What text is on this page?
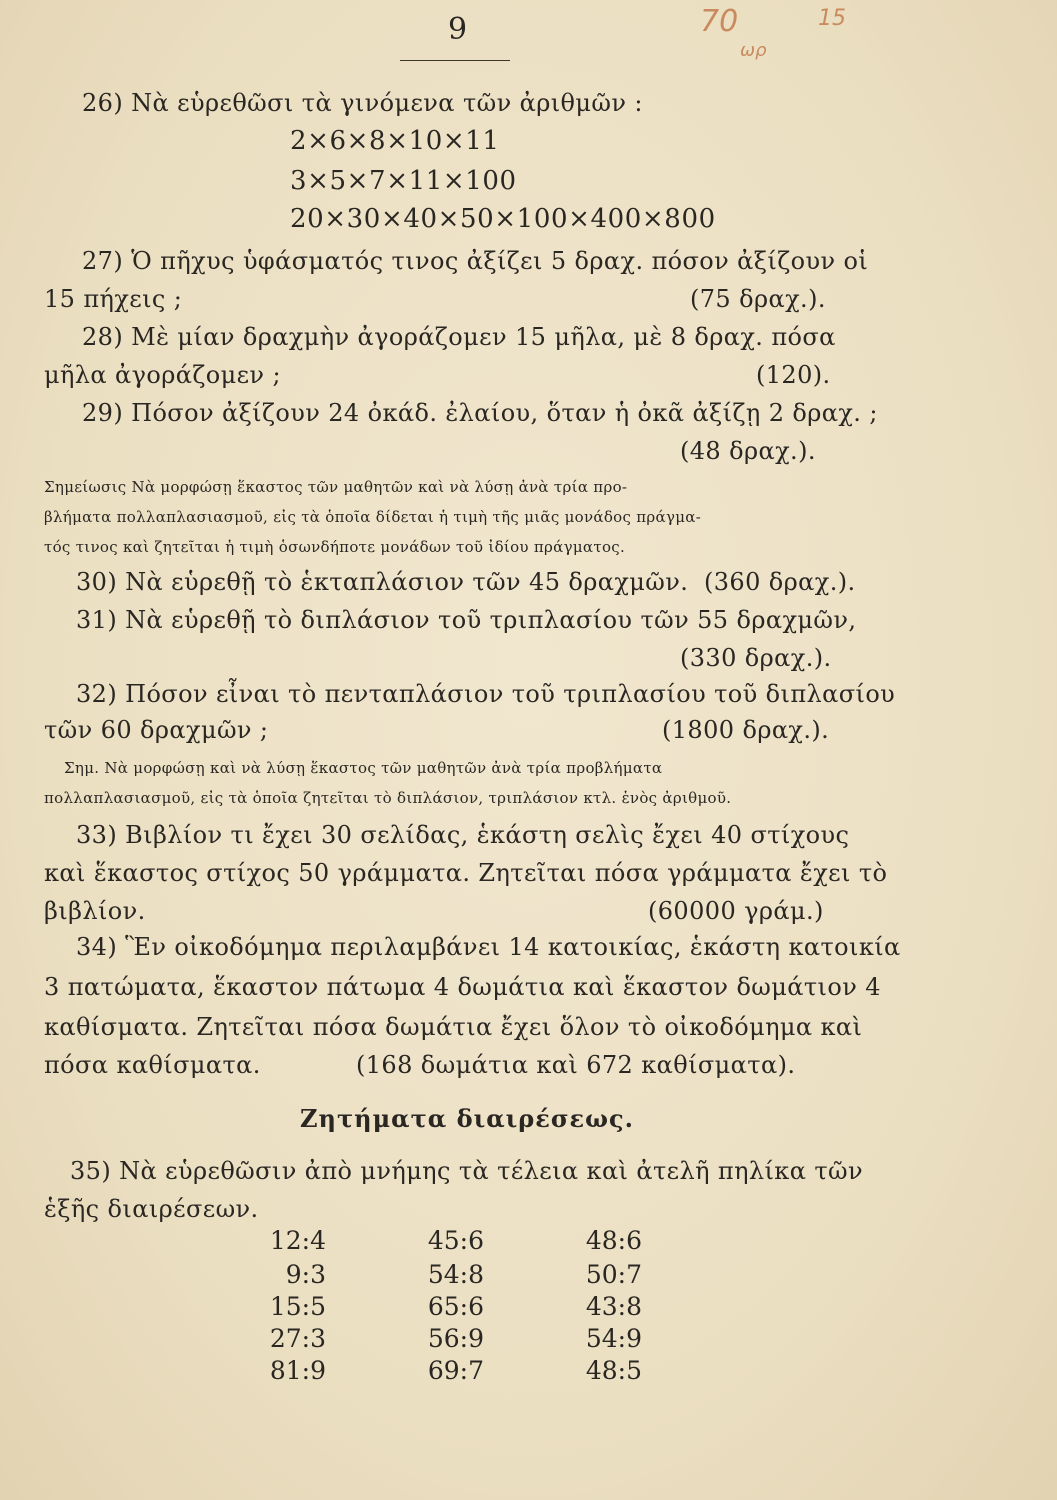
9	70
ωρ
15
26) Νὰ εὑρεθῶσι τὰ γινόμενα τῶν ἀριθμῶν :
2×6×8×10×11
3×5×7×11×100
20×30×40×50×100×400×800
27) Ὁ πῆχυς ὑφάσματός τινος ἀξίζει 5 δραχ. πόσον ἀξίζουν οἱ
15 πήχεις ;	(75 δραχ.).
28) Μὲ μίαν δραχμὴν ἀγοράζομεν 15 μῆλα, μὲ 8 δραχ. πόσα
μῆλα ἀγοράζομεν ;	(120).
29) Πόσον ἀξίζουν 24 ὀκάδ. ἐλαίου, ὅταν ἡ ὀκᾶ ἀξίζῃ 2 δραχ. ;
(48 δραχ.).
Σημείωσις Νὰ μορφώσῃ ἕκαστος τῶν μαθητῶν καὶ νὰ λύσῃ ἀνὰ τρία προ-
βλήματα πολλαπλασιασμοῦ, εἰς τὰ ὁποῖα δίδεται ἡ τιμὴ τῆς μιᾶς μονάδος πράγμα-
τός τινος καὶ ζητεῖται ἡ τιμὴ ὁσωνδήποτε μονάδων τοῦ ἰδίου πράγματος.
30) Νὰ εὑρεθῇ τὸ ἑκταπλάσιον τῶν 45 δραχμῶν. (360 δραχ.).
31) Νὰ εὑρεθῇ τὸ διπλάσιον τοῦ τριπλασίου τῶν 55 δραχμῶν,
(330 δραχ.).
32) Πόσον εἶναι τὸ πενταπλάσιον τοῦ τριπλασίου τοῦ διπλασίου
τῶν 60 δραχμῶν ;	(1800 δραχ.).
Σημ. Νὰ μορφώσῃ καὶ νὰ λύσῃ ἕκαστος τῶν μαθητῶν ἀνὰ τρία προβλήματα
πολλαπλασιασμοῦ, εἰς τὰ ὁποῖα ζητεῖται τὸ διπλάσιον, τριπλάσιον κτλ. ἑνὸς ἀριθμοῦ.
33) Βιβλίον τι ἔχει 30 σελίδας, ἑκάστη σελὶς ἔχει 40 στίχους
καὶ ἕκαστος στίχος 50 γράμματα. Ζητεῖται πόσα γράμματα ἔχει τὸ
βιβλίον.	(60000 γράμ.)
34) Ἓν οἰκοδόμημα περιλαμβάνει 14 κατοικίας, ἑκάστη κατοικία
3 πατώματα, ἕκαστον πάτωμα 4 δωμάτια καὶ ἕκαστον δωμάτιον 4
καθίσματα. Ζητεῖται πόσα δωμάτια ἔχει ὅλον τὸ οἰκοδόμημα καὶ
πόσα καθίσματα.	(168 δωμάτια καὶ 672 καθίσματα).
Ζητήματα διαιρέσεως.
35) Νὰ εὑρεθῶσιν ἀπὸ μνήμης τὰ τέλεια καὶ ἀτελῆ πηλίκα τῶν
ἑξῆς διαιρέσεων.
12:4	45:6	48:6
9:3	54:8	50:7
15:5	65:6	43:8
27:3	56:9	54:9
81:9	69:7	48:5
